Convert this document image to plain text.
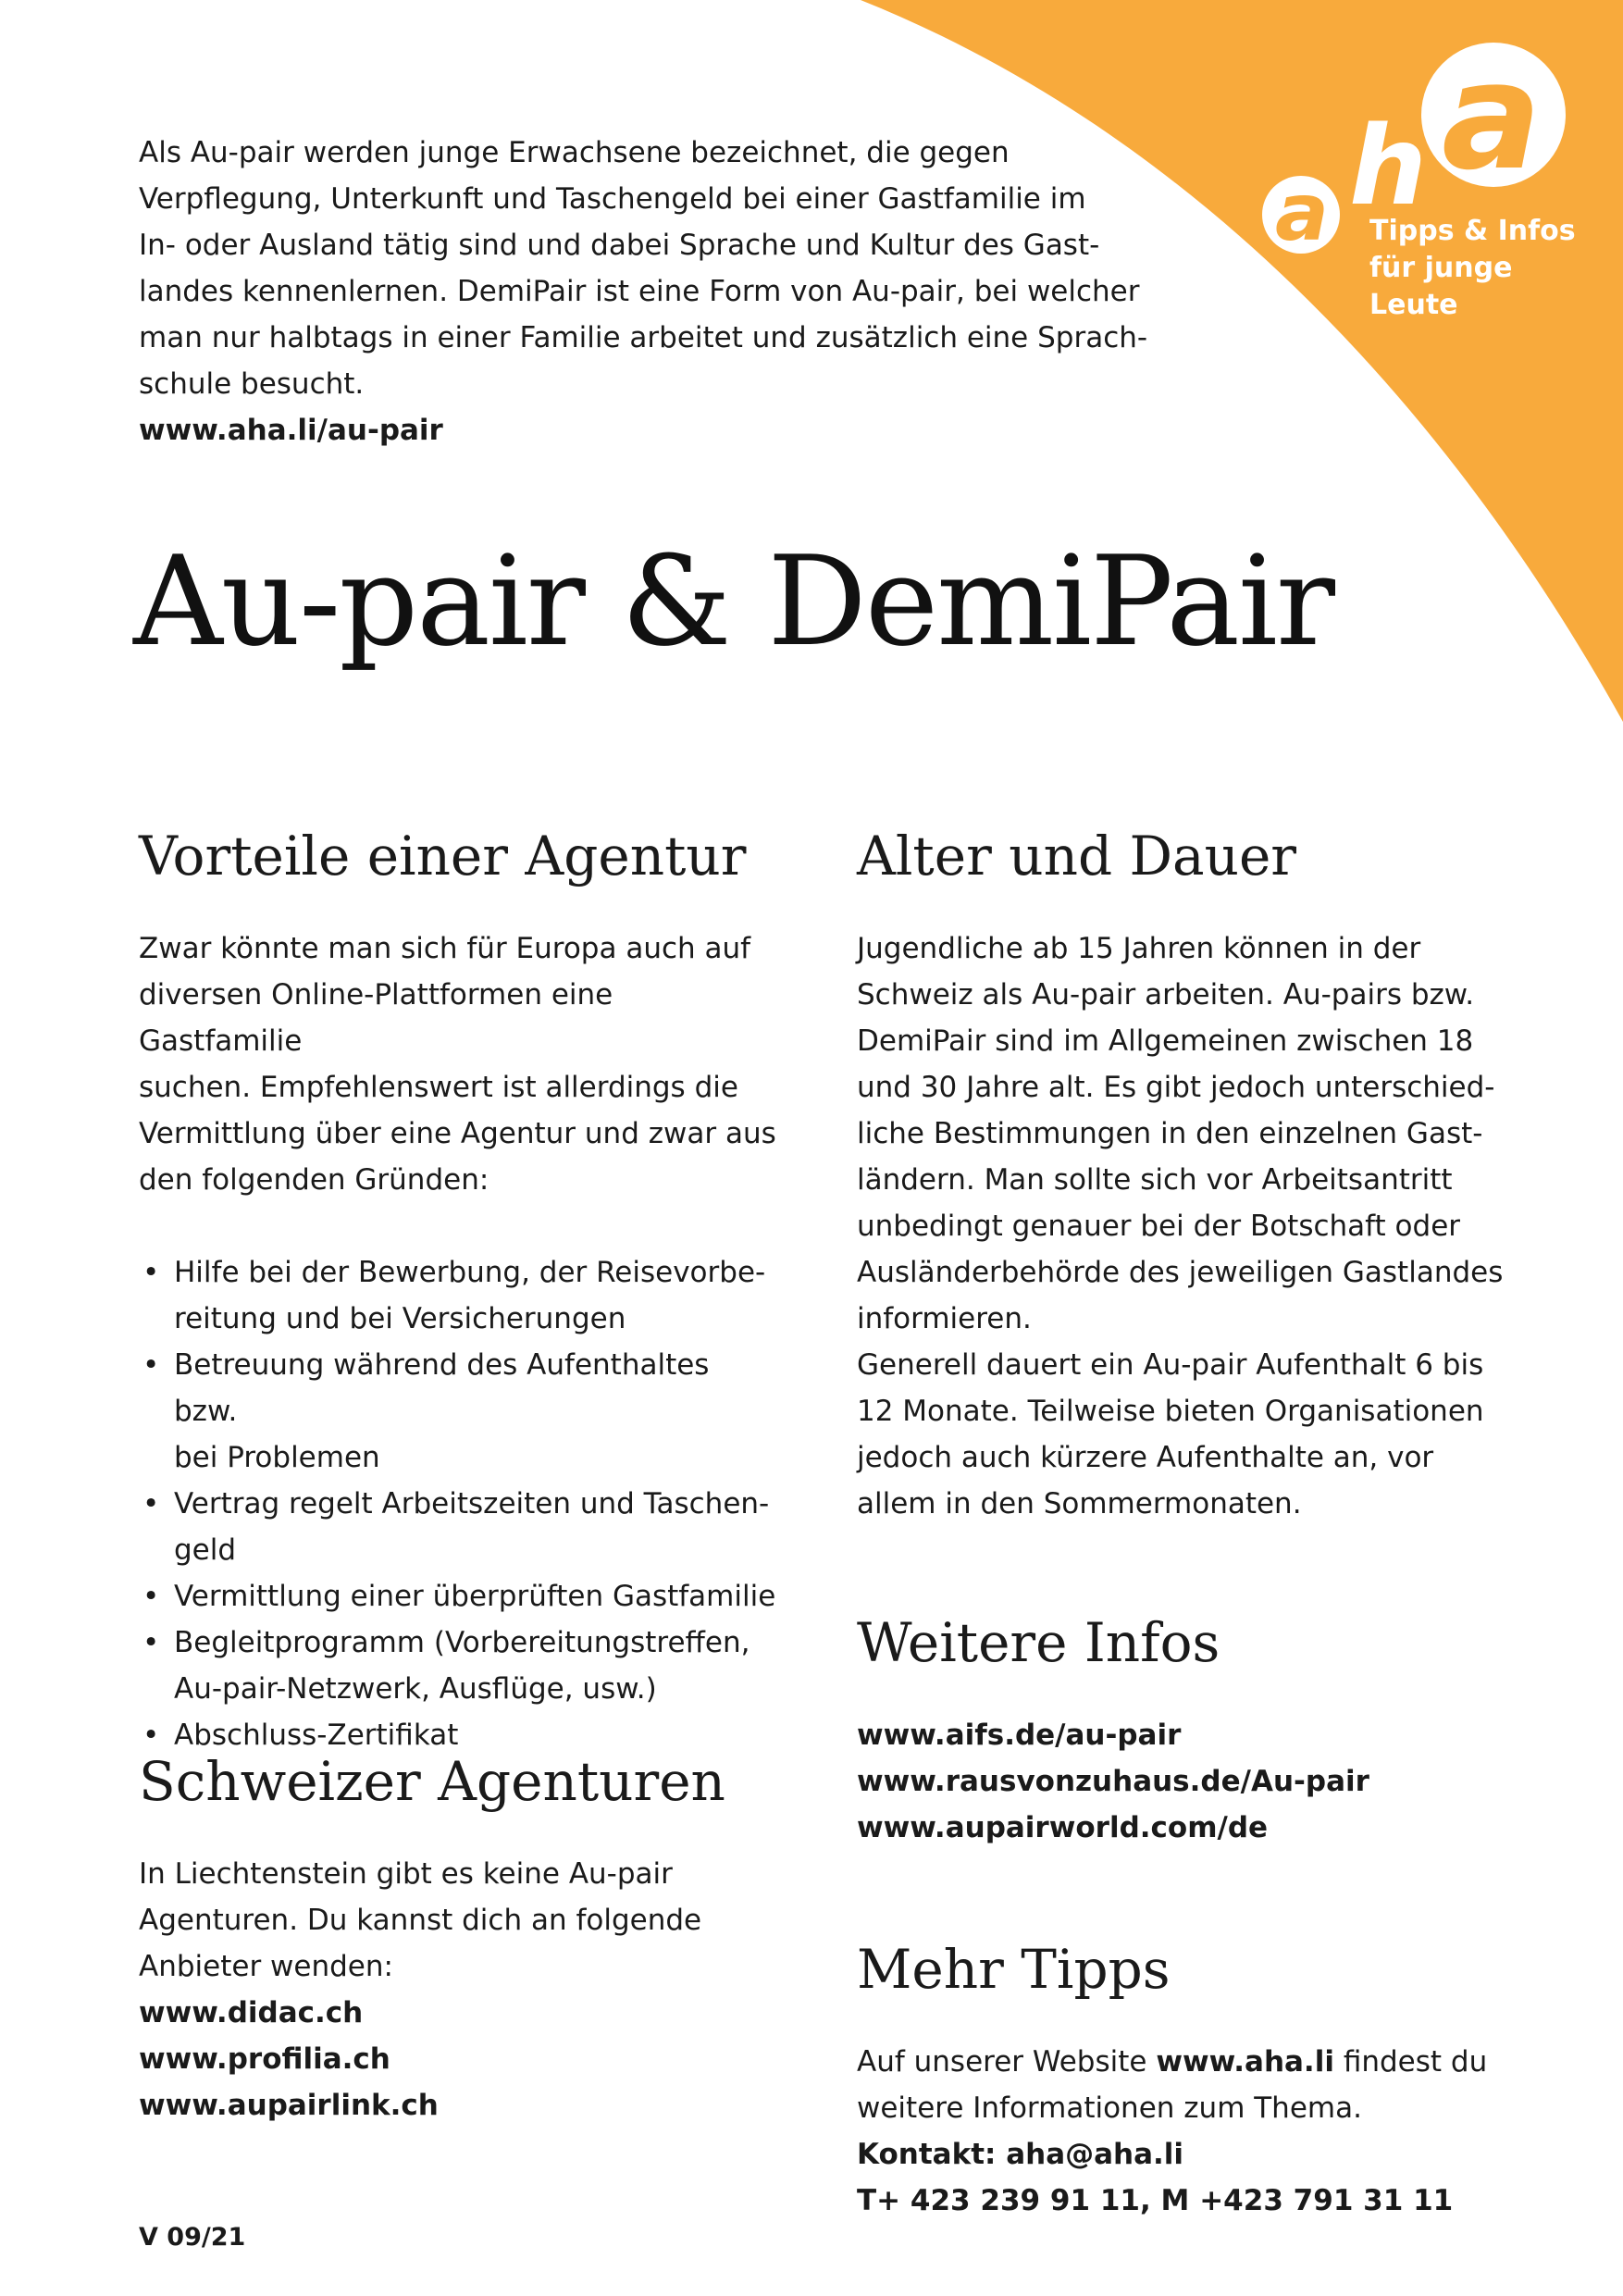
a h a
Tipps & Infos
für junge Leute

Als Au-pair werden junge Erwachsene bezeichnet, die gegen

Verpflegung, Unterkunft und Taschengeld bei einer Gastfamilie im

In- oder Ausland tätig sind und dabei Sprache und Kultur des Gast-

landes kennenlernen. DemiPair ist eine Form von Au-pair, bei welcher

man nur halbtags in einer Familie arbeitet und zusätzlich eine Sprach-

schule besucht.

www.aha.li/au-pair

Au-pair & DemiPair
Vorteile einer Agentur

Zwar könnte man sich für Europa auch auf

diversen Online-Plattformen eine Gastfamilie

suchen. Empfehlenswert ist allerdings die

Vermittlung über eine Agentur und zwar aus

den folgenden Gründen:

• Hilfe bei der Bewerbung, der Reisevorbe-
reitung und bei Versicherungen
• Betreuung während des Aufenthaltes bzw.
bei Problemen
• Vertrag regelt Arbeitszeiten und Taschen-
geld
• Vermittlung einer überprüften Gastfamilie
• Begleitprogramm (Vorbereitungstreffen,
Au-pair-Netzwerk, Ausflüge, usw.)
• Abschluss-Zertifikat
Schweizer Agenturen

In Liechtenstein gibt es keine Au-pair

Agenturen. Du kannst dich an folgende

Anbieter wenden:

www.didac.ch

www.profilia.ch

www.aupairlink.ch

V 09/21
Alter und Dauer

Jugendliche ab 15 Jahren können in der

Schweiz als Au-pair arbeiten. Au-pairs bzw.

DemiPair sind im Allgemeinen zwischen 18

und 30 Jahre alt. Es gibt jedoch unterschied-

liche Bestimmungen in den einzelnen Gast-

ländern. Man sollte sich vor Arbeitsantritt

unbedingt genauer bei der Botschaft oder

Ausländerbehörde des jeweiligen Gastlandes

informieren.

Generell dauert ein Au-pair Aufenthalt 6 bis

12 Monate. Teilweise bieten Organisationen

jedoch auch kürzere Aufenthalte an, vor

allem in den Sommermonaten.

Weitere Infos

www.aifs.de/au-pair

www.rausvonzuhaus.de/Au-pair

www.aupairworld.com/de

Mehr Tipps

Auf unserer Website www.aha.li findest du

weitere Informationen zum Thema.

Kontakt: aha@aha.li

T+ 423 239 91 11, M +423 791 31 11
